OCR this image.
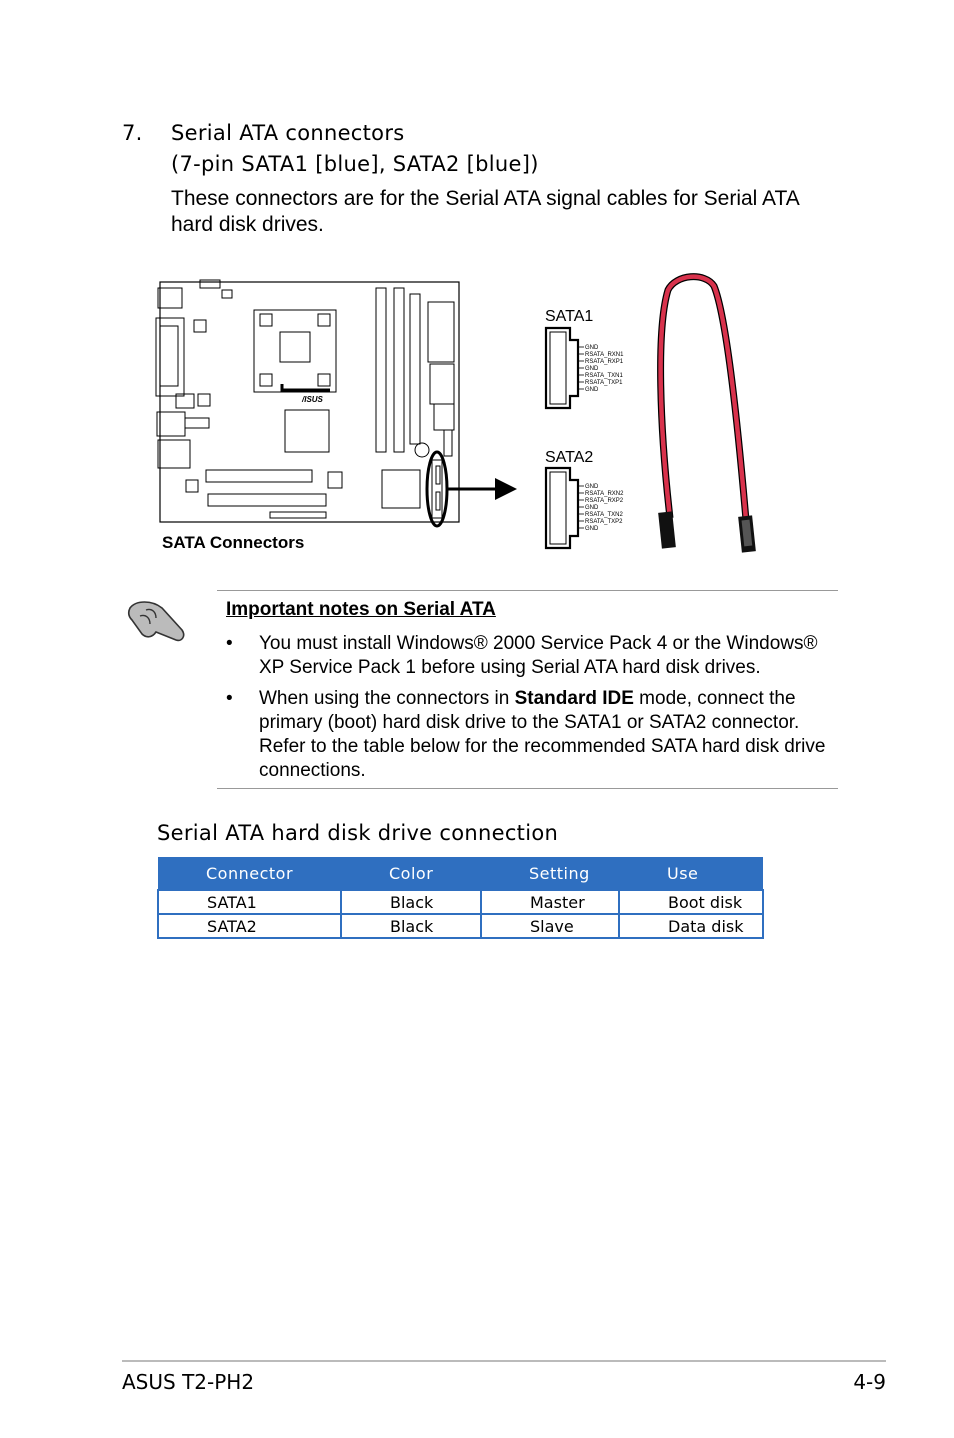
7. Serial ATA connectors
(7-pin SATA1 [blue], SATA2 [blue])
These connectors are for the Serial ATA signal cables for Serial ATA
hard disk drives.
/ISUS
SATA1
GND
RSATA_RXN1
RSATA_RXP1
GND
RSATA_TXN1
RSATA_TXP1
GND
SATA2
GND
RSATA_RXN2
RSATA_RXP2
GND
RSATA_TXN2
RSATA_TXP2
GND
SATA Connectors
Important notes on Serial ATA
• You must install Windows® 2000 Service Pack 4 or the Windows®
XP Service Pack 1 before using Serial ATA hard disk drives.
• When using the connectors in Standard IDE mode, connect the
primary (boot) hard disk drive to the SATA1 or SATA2 connector.
Refer to the table below for the recommended SATA hard disk drive
connections.
Serial ATA hard disk drive connection
Connector	Color	Setting	Use
SATA1	Black	Master	Boot disk
SATA2	Black	Slave	Data disk
ASUS T2-PH2	4-9
